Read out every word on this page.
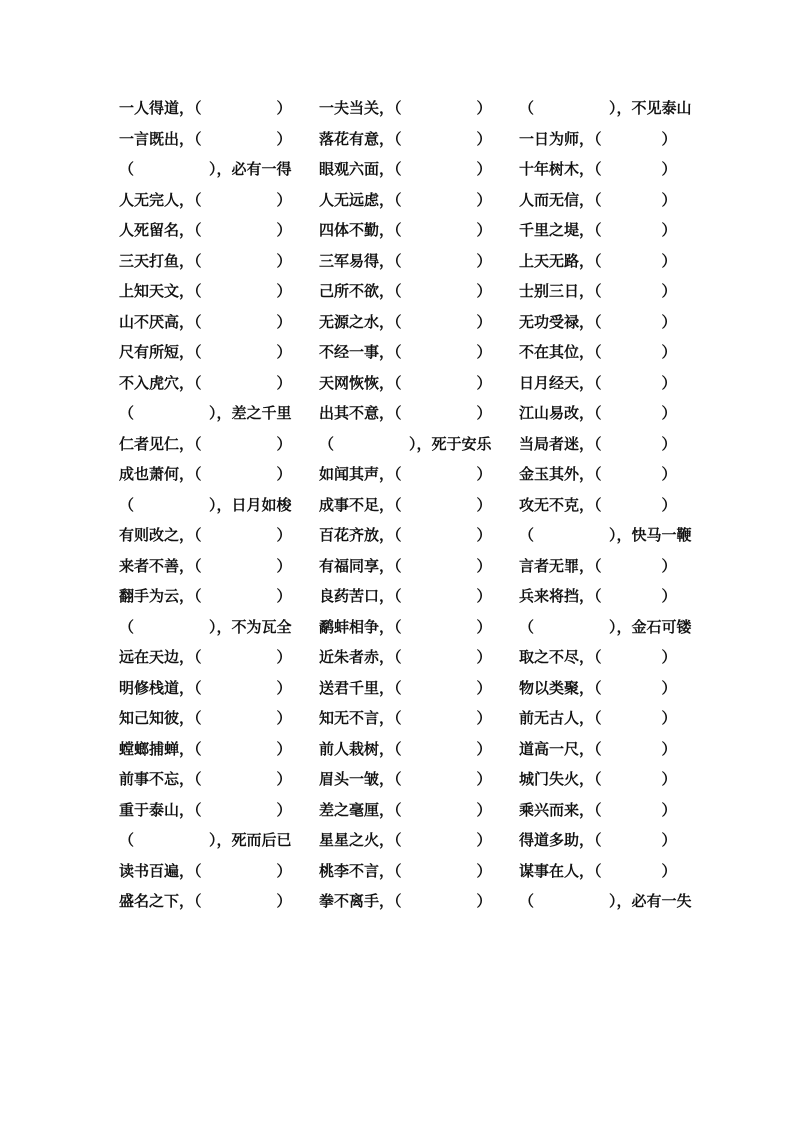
一人得道，（　　　　　）	一夫当关，（　　　　　）	（　　　　　），不见泰山
一言既出，（　　　　　）	落花有意，（　　　　　）	一日为师，（　　　　）
（　　　　　），必有一得	眼观六面，（　　　　　）	十年树木，（　　　　）
人无完人，（　　　　　）	人无远虑，（　　　　　）	人而无信，（　　　　）
人死留名，（　　　　　）	四体不勤，（　　　　　）	千里之堤，（　　　　）
三天打鱼，（　　　　　）	三军易得，（　　　　　）	上天无路，（　　　　）
上知天文，（　　　　　）	己所不欲，（　　　　　）	士别三日，（　　　　）
山不厌高，（　　　　　）	无源之水，（　　　　　）	无功受禄，（　　　　）
尺有所短，（　　　　　）	不经一事，（　　　　　）	不在其位，（　　　　）
不入虎穴，（　　　　　）	天网恢恢，（　　　　　）	日月经天，（　　　　）
（　　　　　），差之千里	出其不意，（　　　　　）	江山易改，（　　　　）
仁者见仁，（　　　　　）	（　　　　　），死于安乐	当局者迷，（　　　　）
成也萧何，（　　　　　）	如闻其声，（　　　　　）	金玉其外，（　　　　）
（　　　　　），日月如梭	成事不足，（　　　　　）	攻无不克，（　　　　）
有则改之，（　　　　　）	百花齐放，（　　　　　）	（　　　　　），快马一鞭
来者不善，（　　　　　）	有福同享，（　　　　　）	言者无罪，（　　　　）
翻手为云，（　　　　　）	良药苦口，（　　　　　）	兵来将挡，（　　　　）
（　　　　　），不为瓦全	鹬蚌相争，（　　　　　）	（　　　　　），金石可镂
远在天边，（　　　　　）	近朱者赤，（　　　　　）	取之不尽，（　　　　）
明修栈道，（　　　　　）	送君千里，（　　　　　）	物以类聚，（　　　　）
知己知彼，（　　　　　）	知无不言，（　　　　　）	前无古人，（　　　　）
螳螂捕蝉，（　　　　　）	前人栽树，（　　　　　）	道高一尺，（　　　　）
前事不忘，（　　　　　）	眉头一皱，（　　　　　）	城门失火，（　　　　）
重于泰山，（　　　　　）	差之毫厘，（　　　　　）	乘兴而来，（　　　　）
（　　　　　），死而后已	星星之火，（　　　　　）	得道多助，（　　　　）
读书百遍，（　　　　　）	桃李不言，（　　　　　）	谋事在人，（　　　　）
盛名之下，（　　　　　）	拳不离手，（　　　　　）	（　　　　　），必有一失
